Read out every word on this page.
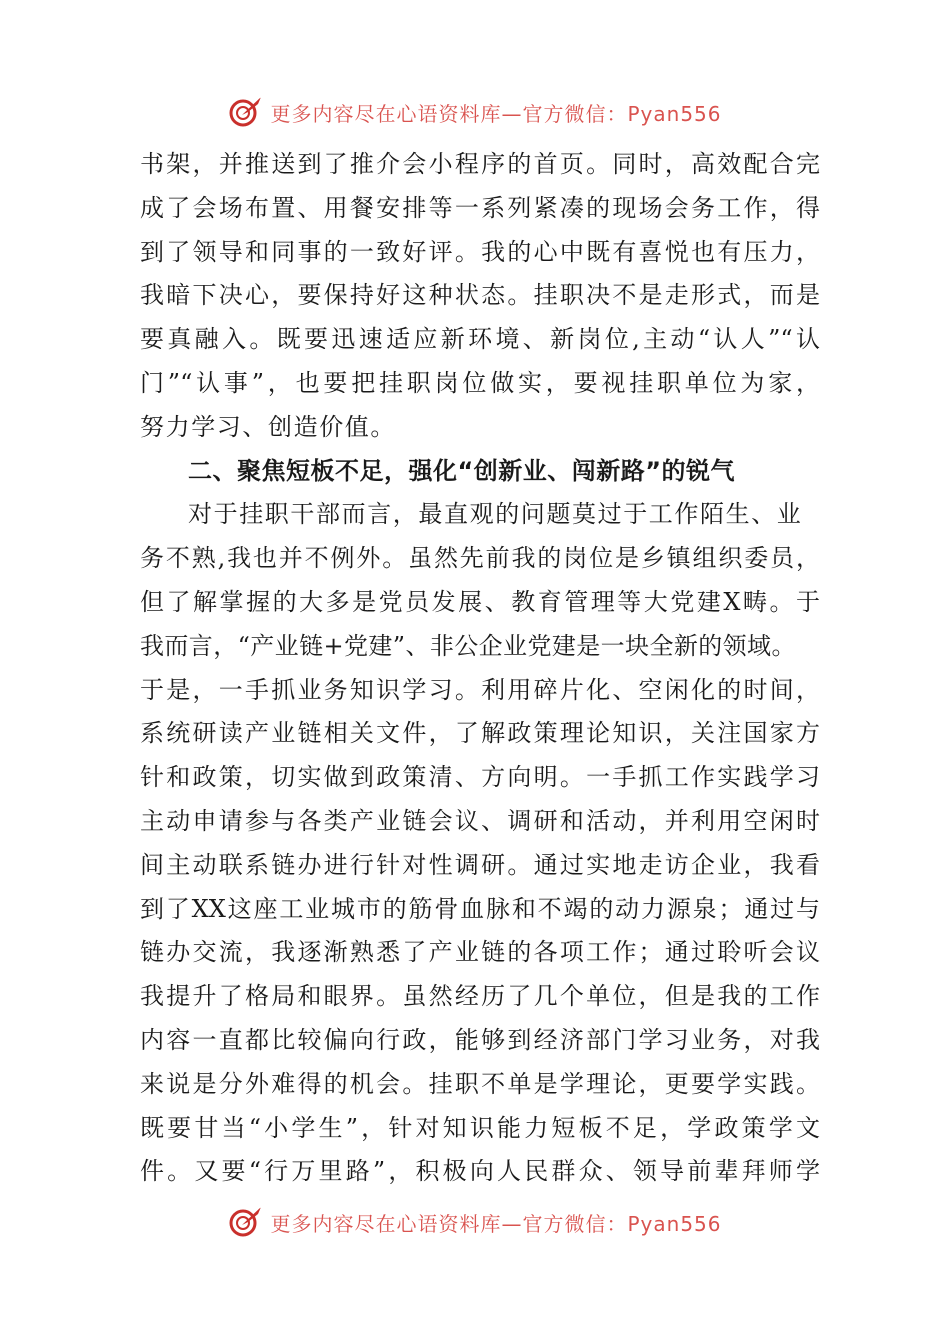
更多内容尽在心语资料库—官方微信：Pyan556
书架，并推送到了推介会小程序的首页。同时，高效配合完
成了会场布置、用餐安排等一系列紧凑的现场会务工作，得
到了领导和同事的一致好评。我的心中既有喜悦也有压力，
我暗下决心，要保持好这种状态。挂职决不是走形式，而是
要真融入。既要迅速适应新环境、新岗位,主动“认人”“认
门”“认事”，也要把挂职岗位做实，要视挂职单位为家，
努力学习、创造价值。
二、聚焦短板不足，强化“创新业、闯新路”的锐气
对于挂职干部而言，最直观的问题莫过于工作陌生、业
务不熟,我也并不例外。虽然先前我的岗位是乡镇组织委员，
但了解掌握的大多是党员发展、教育管理等大党建X畴。于
我而言，“产业链+党建”、非公企业党建是一块全新的领域。
于是，一手抓业务知识学习。利用碎片化、空闲化的时间，
系统研读产业链相关文件，了解政策理论知识，关注国家方
针和政策，切实做到政策清、方向明。一手抓工作实践学习
主动申请参与各类产业链会议、调研和活动，并利用空闲时
间主动联系链办进行针对性调研。通过实地走访企业，我看
到了XX这座工业城市的筋骨血脉和不竭的动力源泉；通过与
链办交流，我逐渐熟悉了产业链的各项工作；通过聆听会议
我提升了格局和眼界。虽然经历了几个单位，但是我的工作
内容一直都比较偏向行政，能够到经济部门学习业务，对我
来说是分外难得的机会。挂职不单是学理论，更要学实践。
既要甘当“小学生”，针对知识能力短板不足，学政策学文
件。又要“行万里路”，积极向人民群众、领导前辈拜师学
更多内容尽在心语资料库—官方微信：Pyan556
